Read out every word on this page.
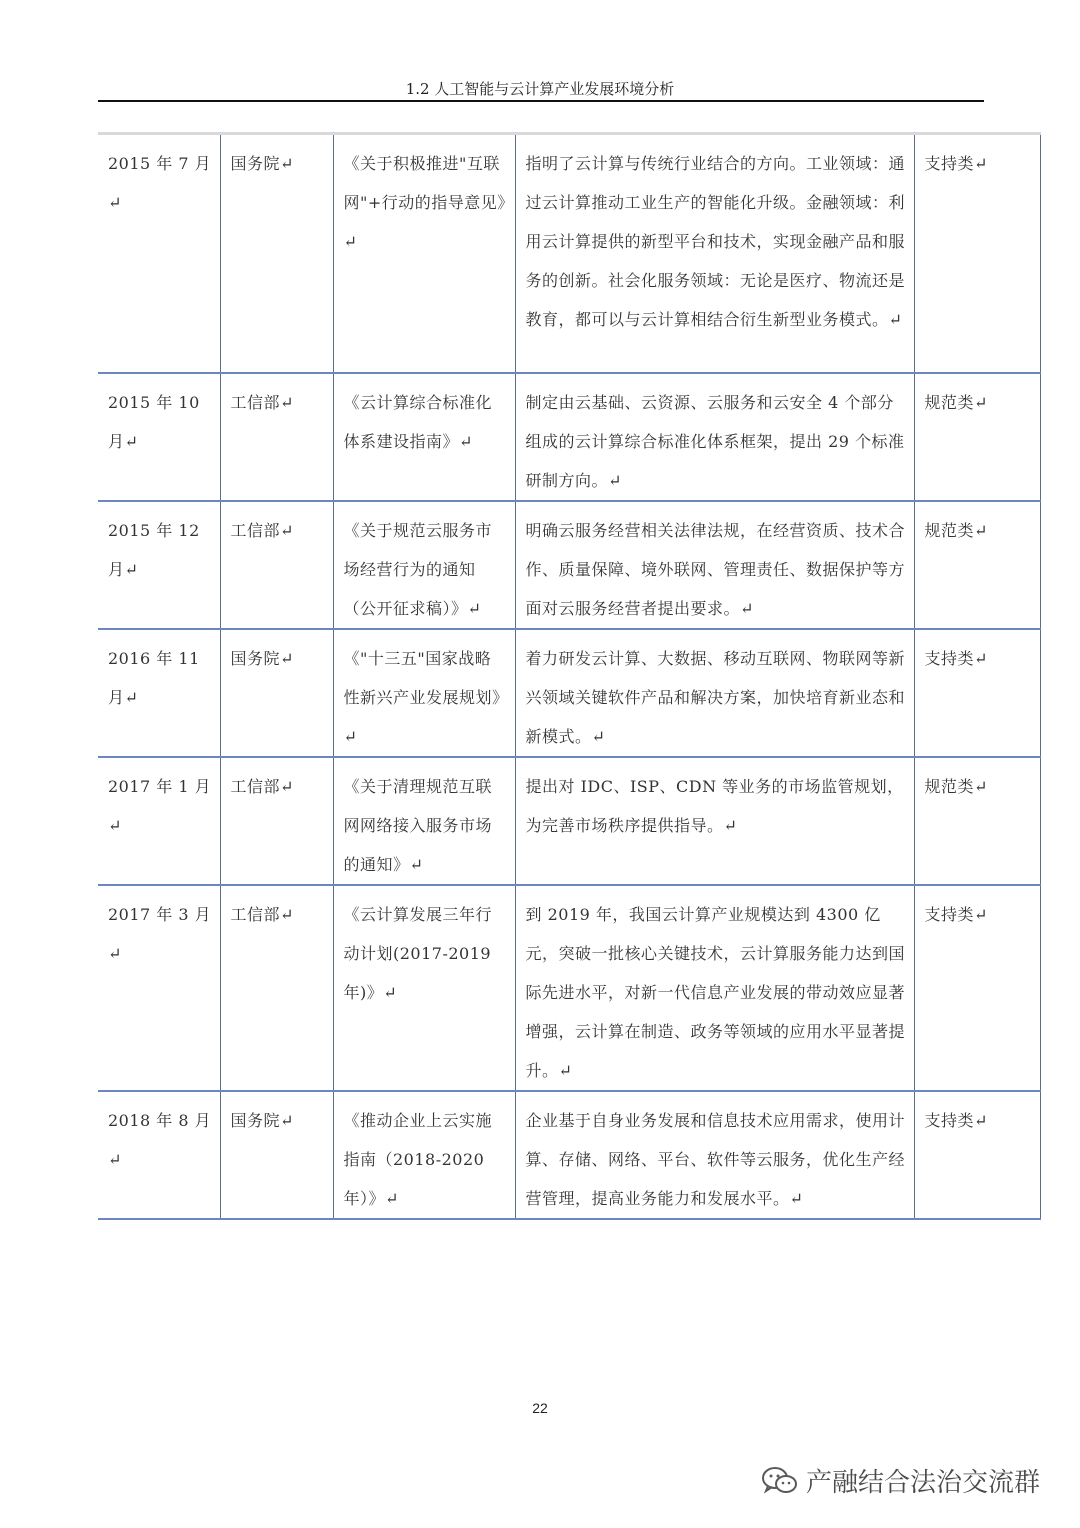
1.2 人工智能与云计算产业发展环境分析
2015 年 7 月↵	国务院↵	《关于积极推进"互联网"+行动的指导意见》↵	指明了云计算与传统行业结合的方向。工业领域：通过云计算推动工业生产的智能化升级。金融领域：利用云计算提供的新型平台和技术，实现金融产品和服务的创新。社会化服务领域：无论是医疗、物流还是教育，都可以与云计算相结合衍生新型业务模式。↵	支持类↵
2015 年 10 月↵	工信部↵	《云计算综合标准化体系建设指南》↵	制定由云基础、云资源、云服务和云安全 4 个部分组成的云计算综合标准化体系框架，提出 29 个标准研制方向。↵	规范类↵
2015 年 12 月↵	工信部↵	《关于规范云服务市场经营行为的通知（公开征求稿）》↵	明确云服务经营相关法律法规，在经营资质、技术合作、质量保障、境外联网、管理责任、数据保护等方面对云服务经营者提出要求。↵	规范类↵
2016 年 11 月↵	国务院↵	《"十三五"国家战略性新兴产业发展规划》↵	着力研发云计算、大数据、移动互联网、物联网等新兴领域关键软件产品和解决方案，加快培育新业态和新模式。↵	支持类↵
2017 年 1 月↵	工信部↵	《关于清理规范互联网网络接入服务市场的通知》↵	提出对 IDC、ISP、CDN 等业务的市场监管规划，为完善市场秩序提供指导。↵	规范类↵
2017 年 3 月↵	工信部↵	《云计算发展三年行动计划(2017-2019 年)》↵	到 2019 年，我国云计算产业规模达到 4300 亿元，突破一批核心关键技术，云计算服务能力达到国际先进水平，对新一代信息产业发展的带动效应显著增强，云计算在制造、政务等领域的应用水平显著提升。↵	支持类↵
2018 年 8 月↵	国务院↵	《推动企业上云实施指南（2018-2020 年）》↵	企业基于自身业务发展和信息技术应用需求，使用计算、存储、网络、平台、软件等云服务，优化生产经营管理，提高业务能力和发展水平。↵	支持类↵
22
产融结合法治交流群
